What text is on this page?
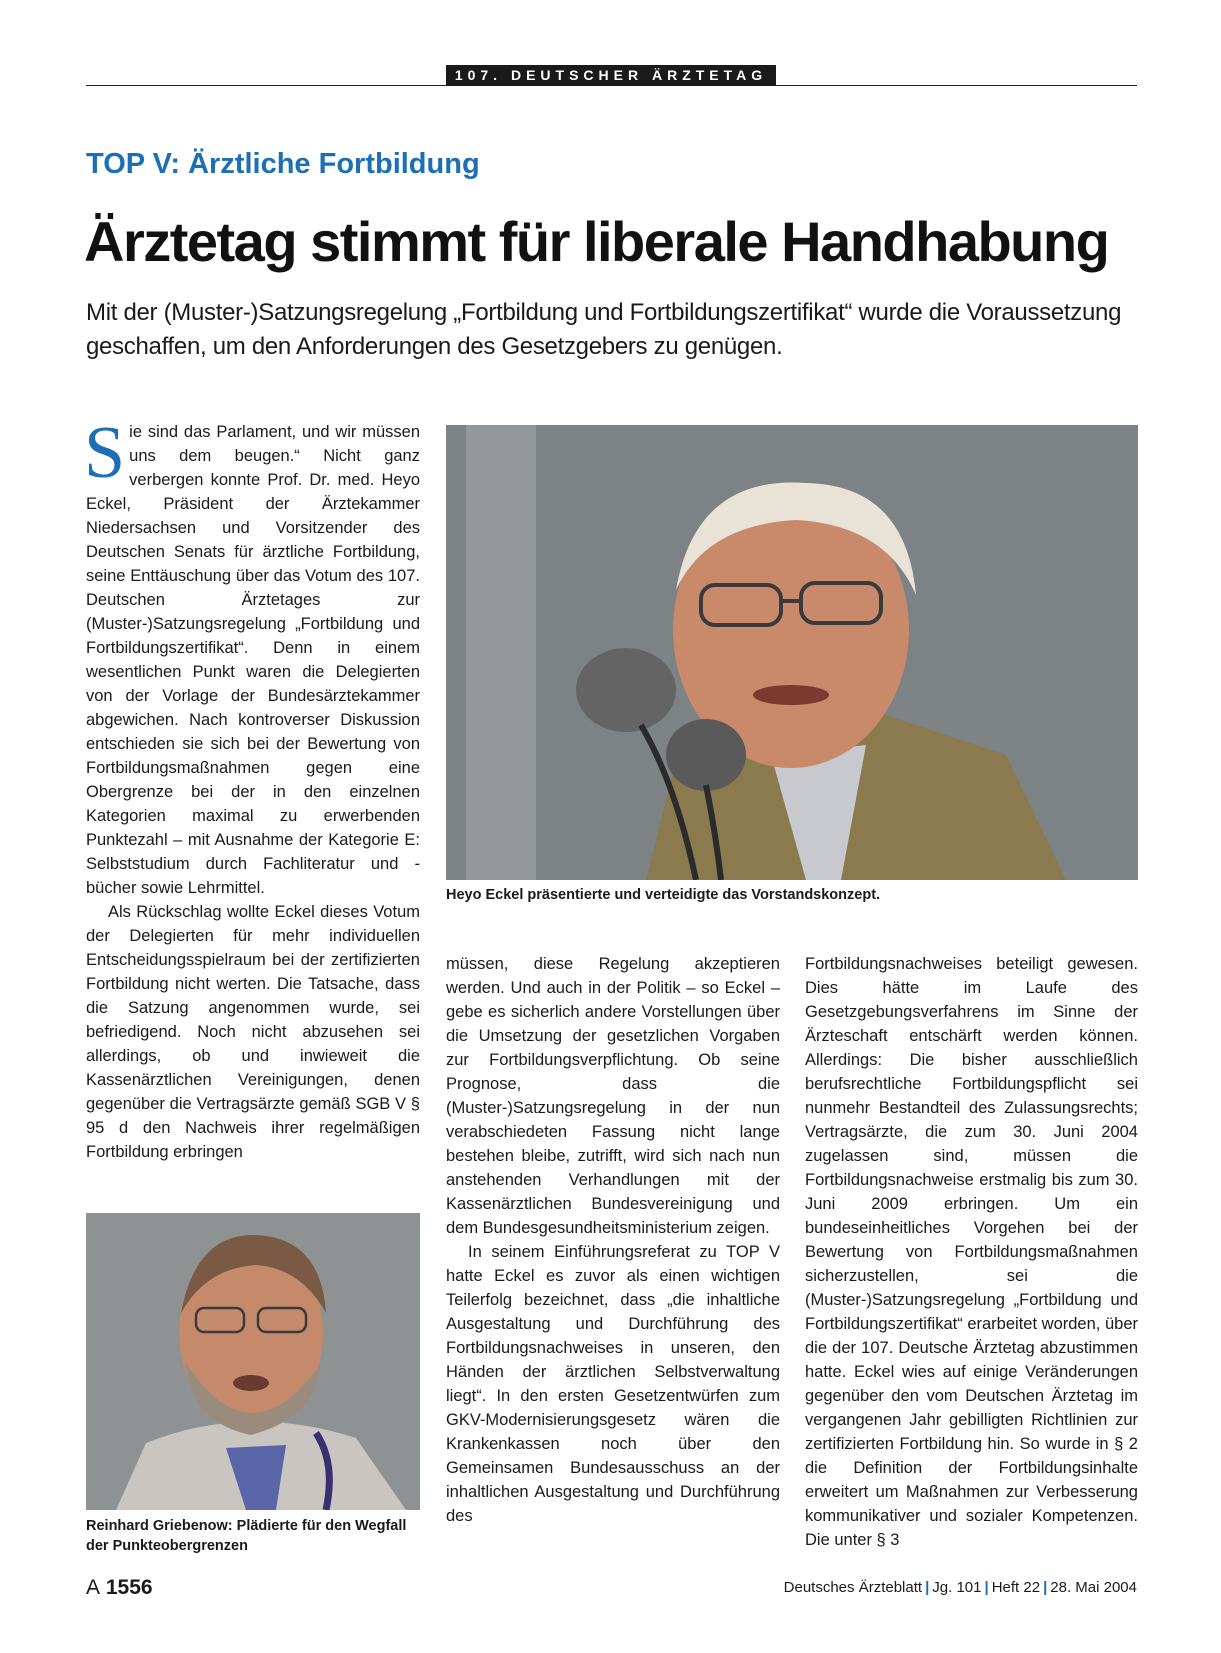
107. DEUTSCHER ÄRZTETAG
TOP V: Ärztliche Fortbildung
Ärztetag stimmt für liberale Handhabung
Mit der (Muster-)Satzungsregelung „Fortbildung und Fortbildungszertifikat“ wurde die Voraussetzung geschaffen, um den Anforderungen des Gesetzgebers zu genügen.

Sie sind das Parlament, und wir müssen uns dem beugen.“ Nicht ganz verbergen konnte Prof. Dr. med. Heyo Eckel, Präsident der Ärztekammer Niedersachsen und Vorsitzender des Deutschen Senats für ärztliche Fortbildung, seine Enttäuschung über das Votum des 107. Deutschen Ärztetages zur (Muster-)Satzungsregelung „Fortbildung und Fortbildungszertifikat“. Denn in einem wesentlichen Punkt waren die Delegierten von der Vorlage der Bundesärztekammer abgewichen. Nach kontroverser Diskussion entschieden sie sich bei der Bewertung von Fortbildungsmaßnahmen gegen eine Obergrenze bei der in den einzelnen Kategorien maximal zu erwerbenden Punktezahl – mit Ausnahme der Kategorie E: Selbststudium durch Fachliteratur und -bücher sowie Lehrmittel.

Als Rückschlag wollte Eckel dieses Votum der Delegierten für mehr individuellen Entscheidungsspielraum bei der zertifizierten Fortbildung nicht werten. Die Tatsache, dass die Satzung angenommen wurde, sei befriedigend. Noch nicht abzusehen sei allerdings, ob und inwieweit die Kassenärztlichen Vereinigungen, denen gegenüber die Vertragsärzte gemäß SGB V § 95 d den Nachweis ihrer regelmäßigen Fortbildung erbringen

Heyo Eckel präsentierte und verteidigte das Vorstandskonzept.
Reinhard Griebenow: Plädierte für den Wegfall der Punkteobergrenzen

müssen, diese Regelung akzeptieren werden. Und auch in der Politik – so Eckel – gebe es sicherlich andere Vorstellungen über die Umsetzung der gesetzlichen Vorgaben zur Fortbildungsverpflichtung. Ob seine Prognose, dass die (Muster-)Satzungsregelung in der nun verabschiedeten Fassung nicht lange bestehen bleibe, zutrifft, wird sich nach nun anstehenden Verhandlungen mit der Kassenärztlichen Bundesvereinigung und dem Bundesgesundheitsministerium zeigen.

In seinem Einführungsreferat zu TOP V hatte Eckel es zuvor als einen wichtigen Teilerfolg bezeichnet, dass „die inhaltliche Ausgestaltung und Durchführung des Fortbildungsnachweises in unseren, den Händen der ärztlichen Selbstverwaltung liegt“. In den ersten Gesetzentwürfen zum GKV-Modernisierungsgesetz wären die Krankenkassen noch über den Gemeinsamen Bundesausschuss an der inhaltlichen Ausgestaltung und Durchführung des

Fortbildungsnachweises beteiligt gewesen. Dies hätte im Laufe des Gesetzgebungsverfahrens im Sinne der Ärzteschaft entschärft werden können. Allerdings: Die bisher ausschließlich berufsrechtliche Fortbildungspflicht sei nunmehr Bestandteil des Zulassungsrechts; Vertragsärzte, die zum 30. Juni 2004 zugelassen sind, müssen die Fortbildungsnachweise erstmalig bis zum 30. Juni 2009 erbringen. Um ein bundeseinheitliches Vorgehen bei der Bewertung von Fortbildungsmaßnahmen sicherzustellen, sei die (Muster-)Satzungsregelung „Fortbildung und Fortbildungszertifikat“ erarbeitet worden, über die der 107. Deutsche Ärztetag abzustimmen hatte. Eckel wies auf einige Veränderungen gegenüber den vom Deutschen Ärztetag im vergangenen Jahr gebilligten Richtlinien zur zertifizierten Fortbildung hin. So wurde in § 2 die Definition der Fortbildungsinhalte erweitert um Maßnahmen zur Verbesserung kommunikativer und sozialer Kompetenzen. Die unter § 3

A 1556	Deutsches Ärzteblatt | Jg. 101 | Heft 22 | 28. Mai 2004
